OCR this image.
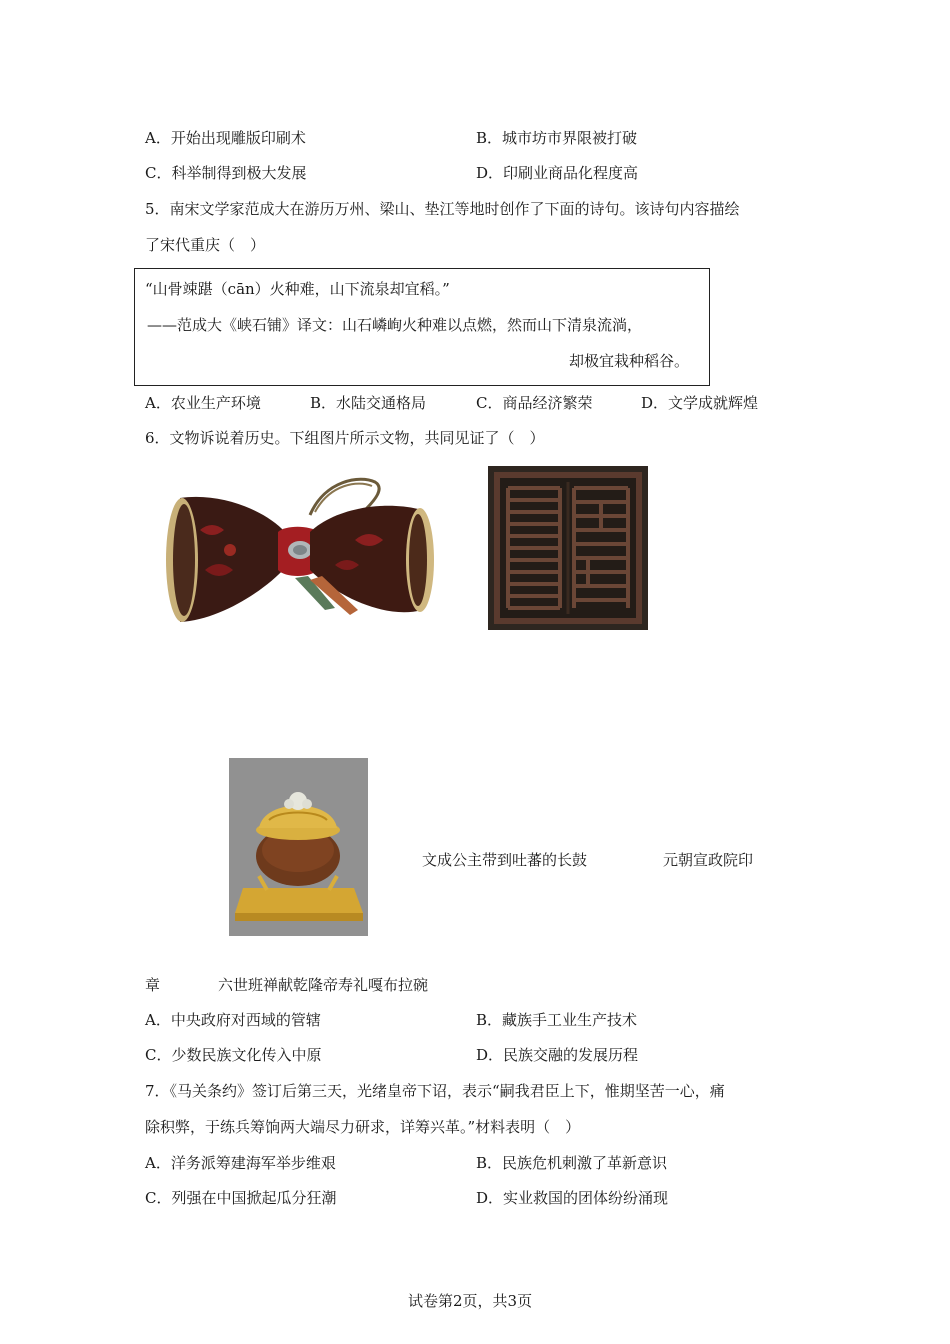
A．开始出现雕版印刷术	B．城市坊市界限被打破
C．科举制得到极大发展	D．印刷业商品化程度高
5．南宋文学家范成大在游历万州、梁山、垫江等地时创作了下面的诗句。该诗句内容描绘
了宋代重庆（　）
“山骨竦踸（cān）火种难，山下流泉却宜稻。”
——范成大《峡石铺》译文：山石嶙峋火种难以点燃，然而山下清泉流淌，
却极宜栽种稻谷。
A．农业生产环境	B．水陆交通格局	C．商品经济繁荣	D．文学成就辉煌
6．文物诉说着历史。下组图片所示文物，共同见证了（　）
文成公主带到吐蕃的长鼓	元朝宣政院印
章	六世班禅献乾隆帝寿礼嘎布拉碗
A．中央政府对西域的管辖	B．藏族手工业生产技术
C．少数民族文化传入中原	D．民族交融的发展历程
7．《马关条约》签订后第三天，光绪皇帝下诏，表示“嗣我君臣上下，惟期坚苦一心，痛
除积弊，于练兵筹饷两大端尽力研求，详筹兴革。”材料表明（　）
A．洋务派筹建海军举步维艰	B．民族危机刺激了革新意识
C．列强在中国掀起瓜分狂潮	D．实业救国的团体纷纷涌现
试卷第2页，共3页
